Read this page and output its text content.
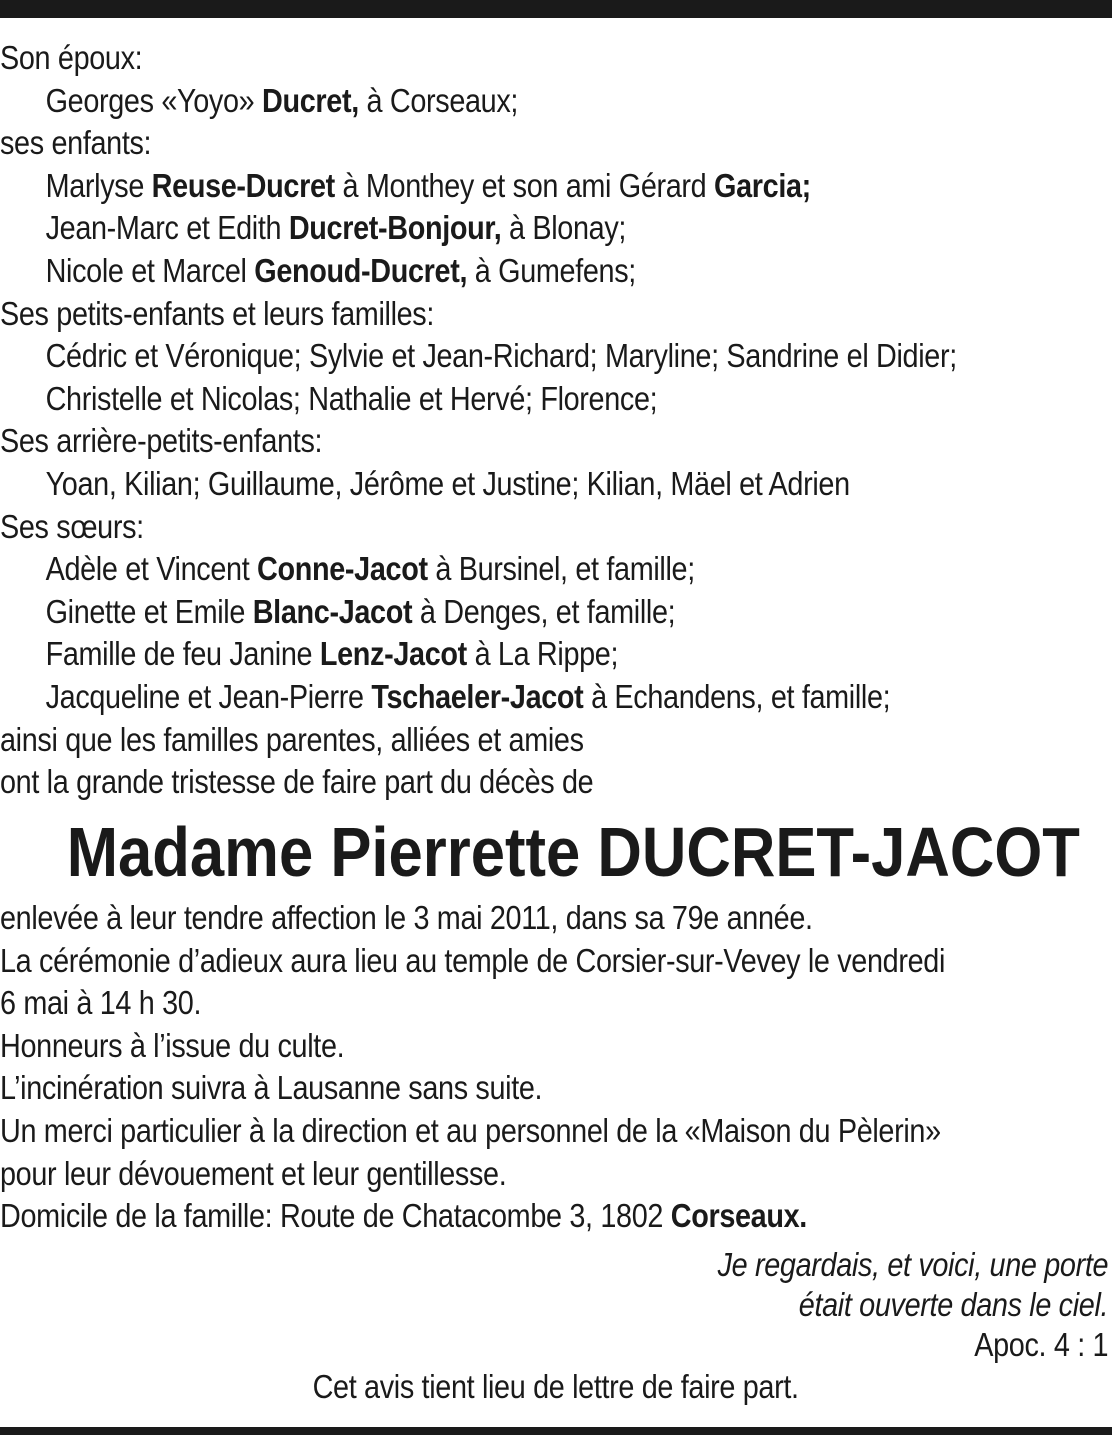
Son époux:
Georges «Yoyo» Ducret, à Corseaux;
ses enfants:
Marlyse Reuse-Ducret à Monthey et son ami Gérard Garcia;
Jean-Marc et Edith Ducret-Bonjour, à Blonay;
Nicole et Marcel Genoud-Ducret, à Gumefens;
Ses petits-enfants et leurs familles:
Cédric et Véronique; Sylvie et Jean-Richard; Maryline; Sandrine el Didier;
Christelle et Nicolas; Nathalie et Hervé; Florence;
Ses arrière-petits-enfants:
Yoan, Kilian; Guillaume, Jérôme et Justine; Kilian, Mäel et Adrien
Ses sœurs:
Adèle et Vincent Conne-Jacot à Bursinel, et famille;
Ginette et Emile Blanc-Jacot à Denges, et famille;
Famille de feu Janine Lenz-Jacot à La Rippe;
Jacqueline et Jean-Pierre Tschaeler-Jacot à Echandens, et famille;
ainsi que les familles parentes, alliées et amies
ont la grande tristesse de faire part du décès de
Madame Pierrette DUCRET-JACOT
enlevée à leur tendre affection le 3 mai 2011, dans sa 79e année.
La cérémonie d’adieux aura lieu au temple de Corsier-sur-Vevey le vendredi
6 mai à 14 h 30.
Honneurs à l’issue du culte.
L’incinération suivra à Lausanne sans suite.
Un merci particulier à la direction et au personnel de la «Maison du Pèlerin»
pour leur dévouement et leur gentillesse.
Domicile de la famille: Route de Chatacombe 3, 1802 Corseaux.
Je regardais, et voici, une porte
était ouverte dans le ciel.
Apoc. 4 : 1
Cet avis tient lieu de lettre de faire part.
